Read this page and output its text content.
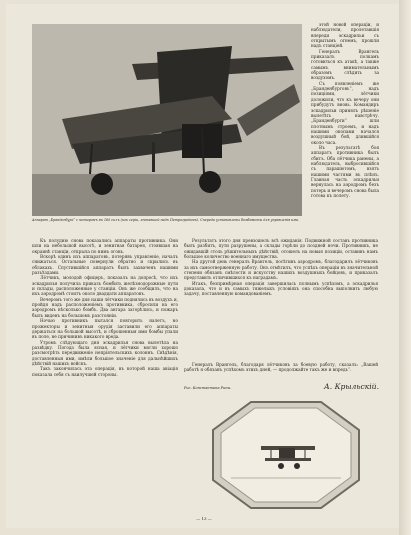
Аппарат „Бранденбург“ с моторомъ въ 160 силъ (изъ серіи, лѣтавшей надъ Петроградомъ). Спереди установлены бомбометы для управленія ими.

этой новой операціи, и наблюдатели, пролетавшія впереди эскадрильи съ открытымъ огнемъ, прошли надъ станціей.

Генералъ Врангель приказалъ полкамъ готовиться къ атакѣ, а также самымъ внимательнымъ образомъ слѣдить за воздухомъ.

Съ появленіемъ же „Бранденбурговъ“, надъ позиціями, лётчики доложили, что къ вечеру они прибудутъ вновь. Командиръ эскадрильи принялъ рѣшеніе вылетѣть навстрѣчу. „Бранденбурги“ шли плотнымъ строемъ, и надъ нашими окопами начался воздушный бой, длившійся около часа.

Въ результатѣ боя аппаратъ противника былъ сбитъ. Оба лётчика ранены, а наблюдатель, выбросившійся съ парашютомъ, взятъ нашими частями въ плѣнъ. Главная часть эскадрильи вернулась на аэродромъ безъ потерь и вечеромъ снова была готова къ полету.

Къ полудню снова показались аппараты противника. Они шли на небольшой высотѣ, и зенитная батарея, стоявшая на окраинѣ станціи, открыла по нимъ огонь.

Вскорѣ одинъ изъ аппаратовъ, потерявъ управленіе, началъ снижаться. Остальные повернули обратно и скрылись въ облакахъ. Спустившійся аппаратъ былъ захваченъ нашими разъѣздами.

Лётчикъ, молодой офицеръ, показалъ на допросѣ, что ихъ эскадрилья получила приказъ бомбить желѣзнодорожные пути и склады, расположенные у станціи. Онъ же сообщилъ, что на ихъ аэродромѣ стоитъ около двадцати аппаратовъ.

Вечеромъ того же дня наши лётчики поднялись въ воздухъ и, пройдя надъ расположеніемъ противника, сбросили на его аэродромъ нѣсколько бомбъ. Два ангара загорѣлись, и пожаръ былъ виденъ на большомъ разстояніи.

Ночью противникъ пытался повторить налетъ, но прожекторы и зенитныя орудія заставили его аппараты держаться на большой высотѣ, и сброшенныя ими бомбы упали въ поле, не причинивъ никакого вреда.

Утромъ слѣдующаго дня эскадрилья снова вылетѣла на развѣдку. Погода была ясная, и лётчики могли хорошо разсмотрѣть передвиженіе непріятельскихъ колоннъ. Свѣдѣнія, доставленныя ими, имѣли большое значеніе для дальнѣйшихъ дѣйствій нашихъ войскъ.

Такъ закончилась эта операція, въ которой наша авіація показала себя съ наилучшей стороны.

Результатъ этого дня превзошелъ всѣ ожиданія. Подвижной составъ противника былъ разбитъ, пути разрушены, а склады горѣли до поздней ночи. Противникъ, не ожидавшій столь рѣшительныхъ дѣйствій, отошелъ на новыя позиціи, оставивъ намъ большое количество военнаго имущества.

На другой день генералъ Врангель, посѣтивъ аэродромъ, благодарилъ лётчиковъ за ихъ самоотверженную работу. Онъ отмѣтилъ, что успѣхъ операціи въ значительной степени обязанъ смѣлости и искусству нашихъ воздушныхъ бойцовъ, и приказалъ представить отличившихся къ наградамъ.

Итакъ, безпримѣрная операція завершилась полнымъ успѣхомъ, а эскадрилья доказала, что и въ самыхъ тяжелыхъ условіяхъ она способна выполнить любую задачу, поставленную командованіемъ.

Генералъ Врангель, благодаря лётчиковъ за боевую работу, сказалъ: „Вашей работѣ я обязанъ успѣхомъ этихъ дней, — продолжайте такъ же и впредь“.

Рис. Константина Рипы.	А. Крыльскій.
— 13 —
